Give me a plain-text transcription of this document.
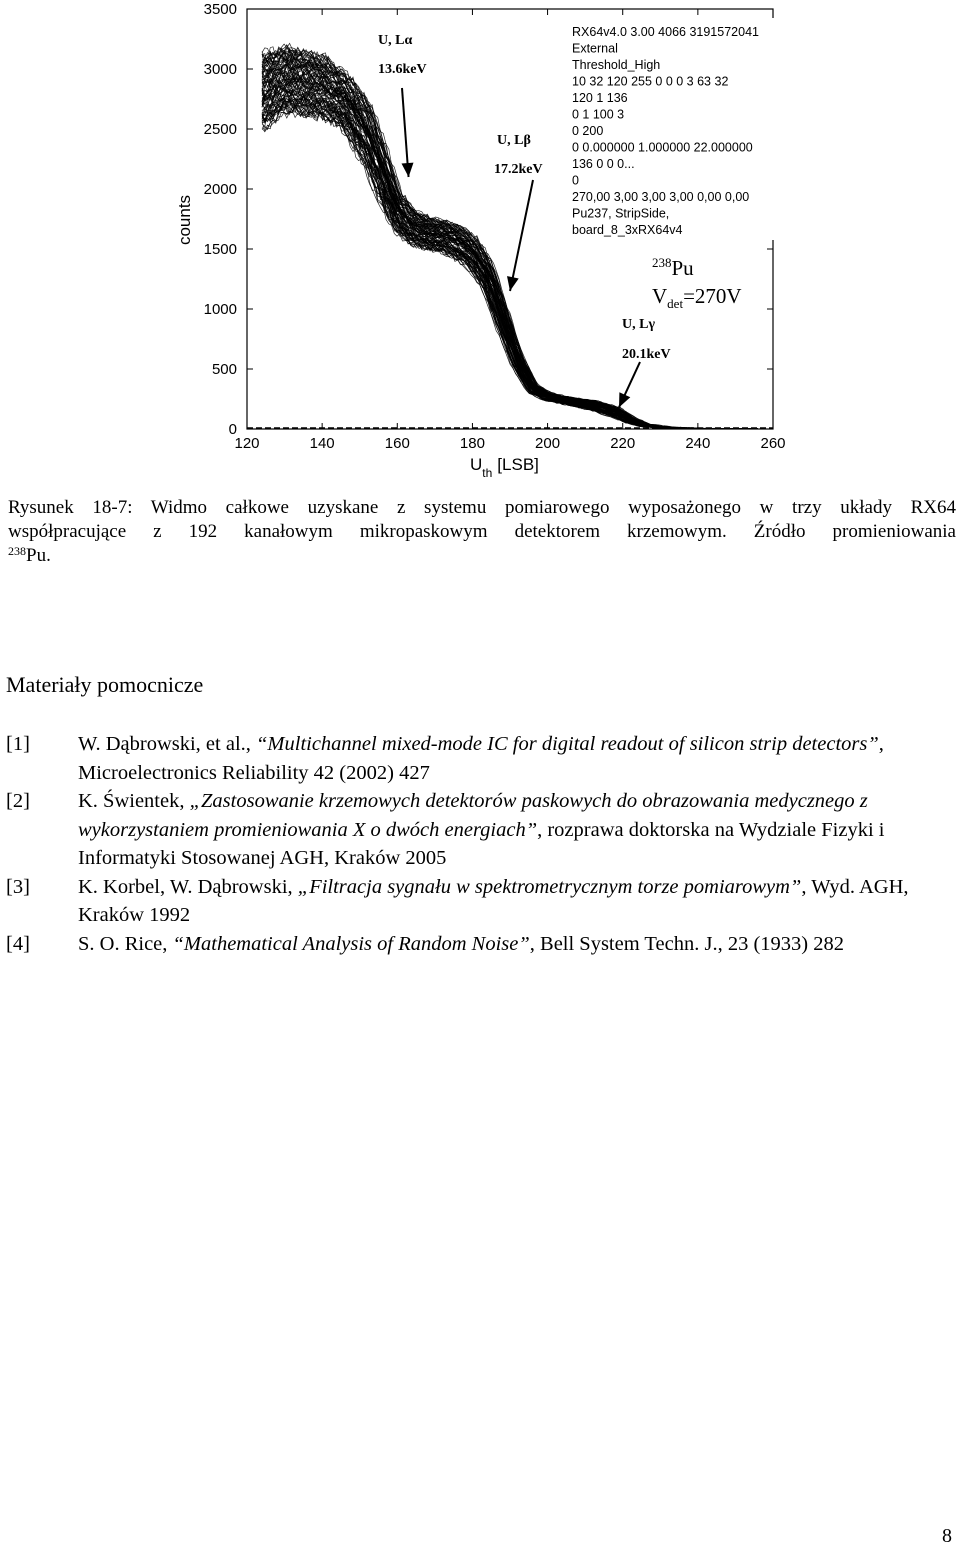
120	140	160	180	200	220	240	260
0
500
1000
1500
2000
2500
3000
3500
counts
$U_{th}$ [LSB]
RX64v4.0 3.00 4066 3191572041
External
Threshold_High
10 32 120 255 0 0 0 3 63 32
120 1 136
0 1 100 3
0 200
0 0.000000 1.000000 22.000000
136 0 0 0...
0
270,00 3,00 3,00 3,00 0,00 0,00
Pu237, StripSide,
board_8_3xRX64v4
U, Lα
13.6keV
U, Lβ
17.2keV
U, Lγ
20.1keV
$^{238}$Pu
$V_{det}=270V$
Rysunek 18-7: Widmo całkowe uzyskane z systemu pomiarowego wyposażonego w trzy układy RX64
współpracujące z 192 kanałowym mikropaskowym detektorem krzemowym. Źródło promieniowania
$^{238}$Pu.
Materiały pomocnicze
[1] W. Dąbrowski, et al., “Multichannel mixed-mode IC for digital readout of silicon strip detectors”, Microelectronics Reliability 42 (2002) 427
[2] K. Świentek, „Zastosowanie krzemowych detektorów paskowych do obrazowania medycznego z wykorzystaniem promieniowania X o dwóch energiach”, rozprawa doktorska na Wydziale Fizyki i Informatyki Stosowanej AGH, Kraków 2005
[3] K. Korbel, W. Dąbrowski, „Filtracja sygnału w spektrometrycznym torze pomiarowym”, Wyd. AGH, Kraków 1992
[4] S. O. Rice, “Mathematical Analysis of Random Noise”, Bell System Techn. J., 23 (1933) 282
8
